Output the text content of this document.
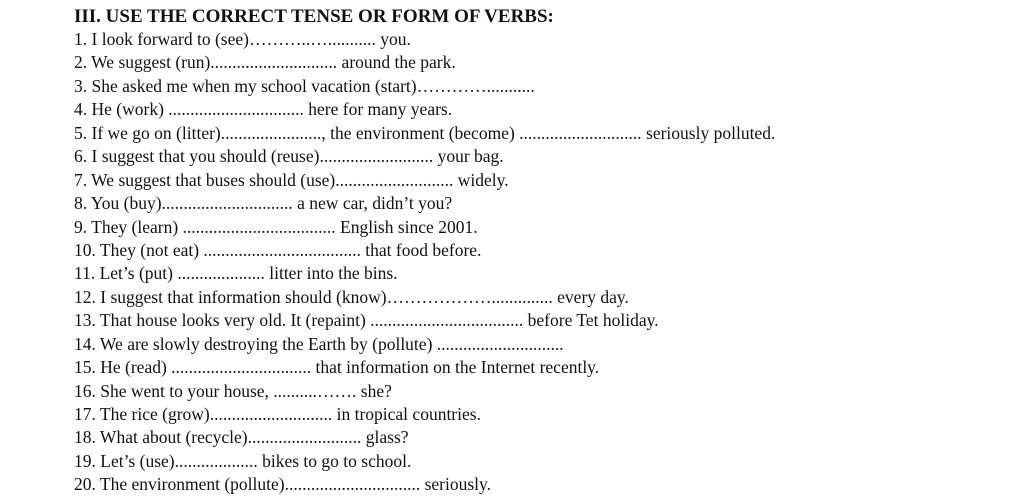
III. USE THE CORRECT TENSE OR FORM OF VERBS:
1. I look forward to (see)………..…........... you.
2. We suggest (run)............................. around the park.
3. She asked me when my school vacation (start)…………...........
4. He (work) ............................... here for many years.
5. If we go on (litter)......................., the environment (become) ............................ seriously polluted.
6. I suggest that you should (reuse).......................... your bag.
7. We suggest that buses should (use)........................... widely.
8. You (buy).............................. a new car, didn’t you?
9. They (learn) ................................... English since 2001.
10. They (not eat) .................................... that food before.
11. Let’s (put) .................... litter into the bins.
12. I suggest that information should (know)……………….............. every day.
13. That house looks very old. It (repaint) ................................... before Tet holiday.
14. We are slowly destroying the Earth by (pollute) .............................
15. He (read) ................................ that information on the Internet recently.
16. She went to your house, ..........……. she?
17. The rice (grow)............................ in tropical countries.
18. What about (recycle).......................... glass?
19. Let’s (use)................... bikes to go to school.
20. The environment (pollute)............................... seriously.
